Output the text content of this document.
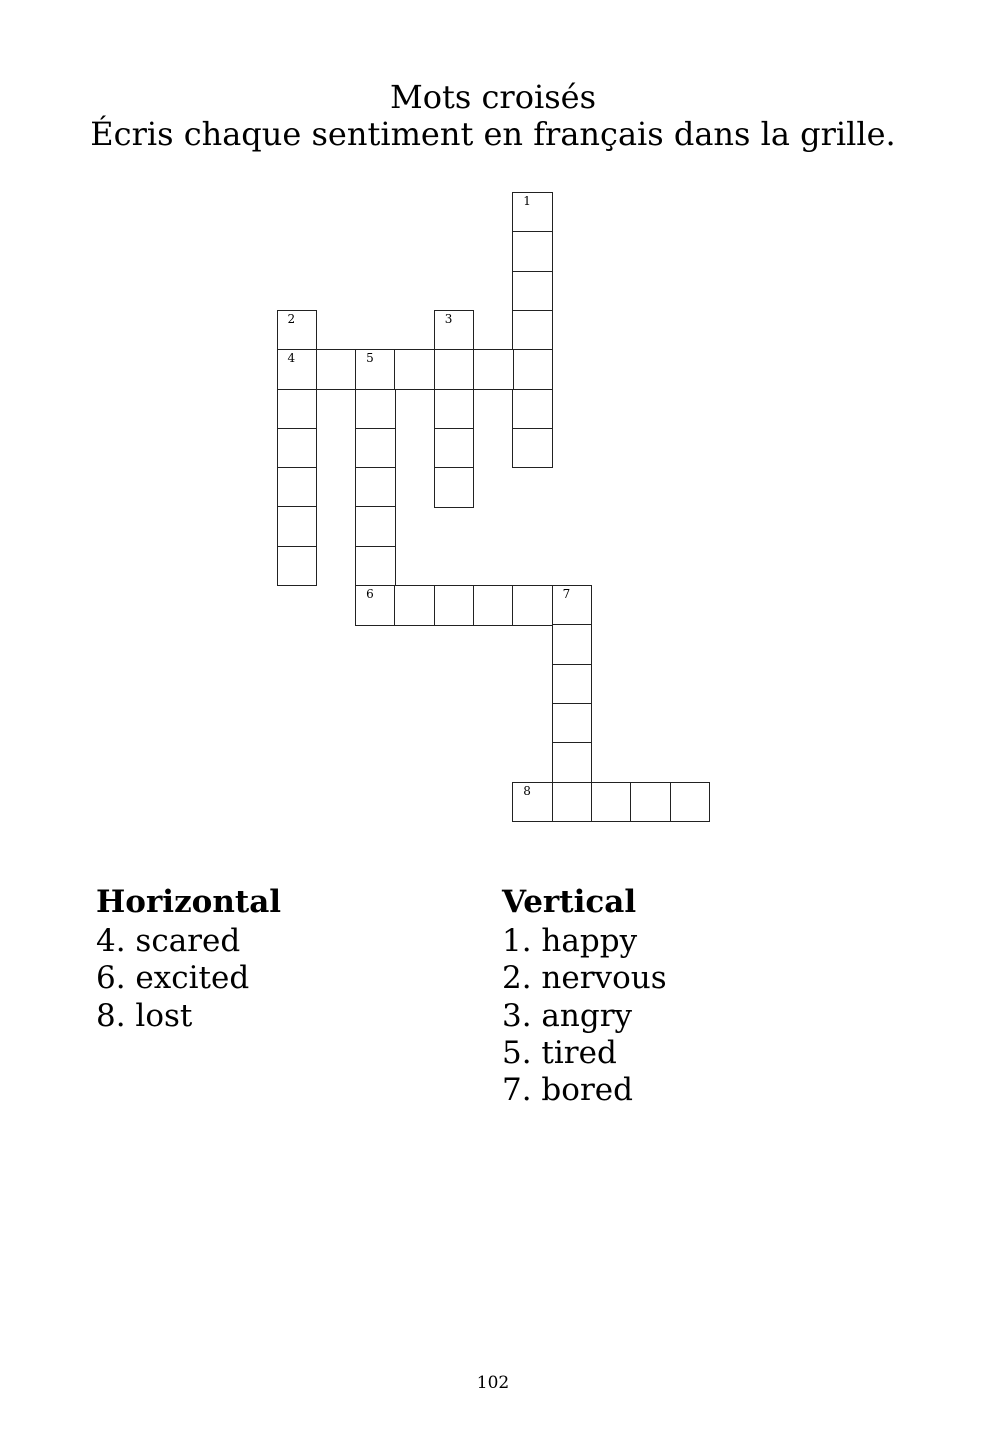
Mots croisés
Écris chaque sentiment en français dans la grille.
1
2
4
3
5
6	7
8
Horizontal
4. scared
6. excited
8. lost
Vertical
1. happy
2. nervous
3. angry
5. tired
7. bored
102
